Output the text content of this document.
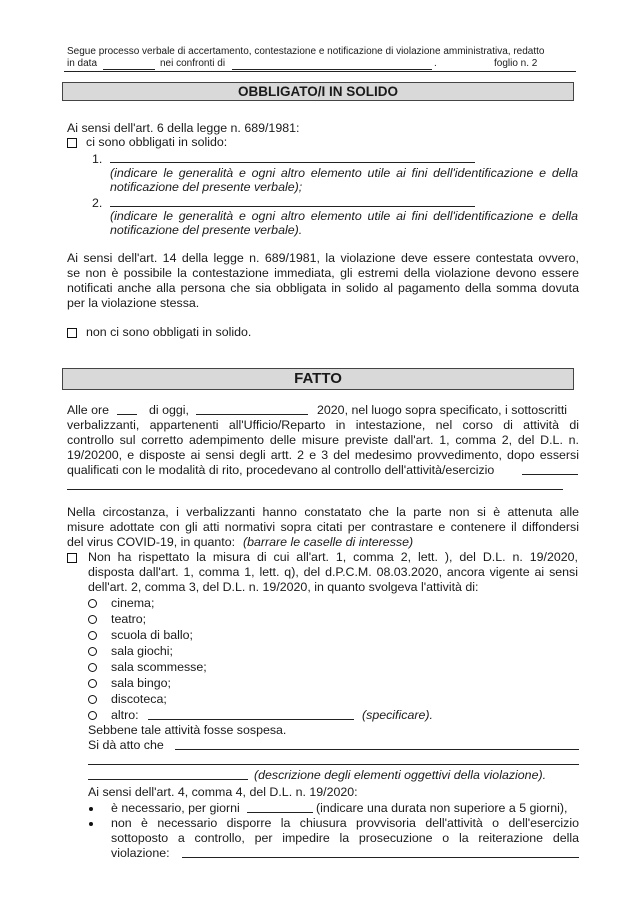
Segue processo verbale di accertamento, contestazione e notificazione di violazione amministrativa, redatto
in data	nei confronti di	.	foglio n. 2
OBBLIGATO/I IN SOLIDO
Ai sensi dell'art. 6 della legge n. 689/1981:
ci sono obbligati in solido:
1.
(indicare le generalità e ogni altro elemento utile ai fini dell'identificazione e della
notificazione del presente verbale);
2.
(indicare le generalità e ogni altro elemento utile ai fini dell'identificazione e della
notificazione del presente verbale).
Ai sensi dell'art. 14 della legge n. 689/1981, la violazione deve essere contestata ovvero,
se non è possibile la contestazione immediata, gli estremi della violazione devono essere
notificati anche alla persona che sia obbligata in solido al pagamento della somma dovuta
per la violazione stessa.
non ci sono obbligati in solido.
FATTO
Alle ore	di oggi,	2020, nel luogo sopra specificato, i sottoscritti
verbalizzanti, appartenenti all'Ufficio/Reparto in intestazione, nel corso di attività di
controllo sul corretto adempimento delle misure previste dall'art. 1, comma 2, del D.L. n.
19/20200, e disposte ai sensi degli artt. 2 e 3 del medesimo provvedimento, dopo essersi
qualificati con le modalità di rito, procedevano al controllo dell'attività/esercizio
Nella circostanza, i verbalizzanti hanno constatato che la parte non si è attenuta alle
misure adottate con gli atti normativi sopra citati per contrastare e contenere il diffondersi
del virus COVID-19, in quanto: (barrare le caselle di interesse)
Non ha rispettato la misura di cui all'art. 1, comma 2, lett. ), del D.L. n. 19/2020,
disposta dall'art. 1, comma 1, lett. q), del d.P.C.M. 08.03.2020, ancora vigente ai sensi
dell'art. 2, comma 3, del D.L. n. 19/2020, in quanto svolgeva l'attività di:
cinema;
teatro;
scuola di ballo;
sala giochi;
sala scommesse;
sala bingo;
discoteca;
altro:	(specificare).
Sebbene tale attività fosse sospesa.
Si dà atto che
(descrizione degli elementi oggettivi della violazione).
Ai sensi dell'art. 4, comma 4, del D.L. n. 19/2020:
è necessario, per giorni	(indicare una durata non superiore a 5 giorni),
non è necessario disporre la chiusura provvisoria dell'attività o dell'esercizio
sottoposto a controllo, per impedire la prosecuzione o la reiterazione della
violazione:
